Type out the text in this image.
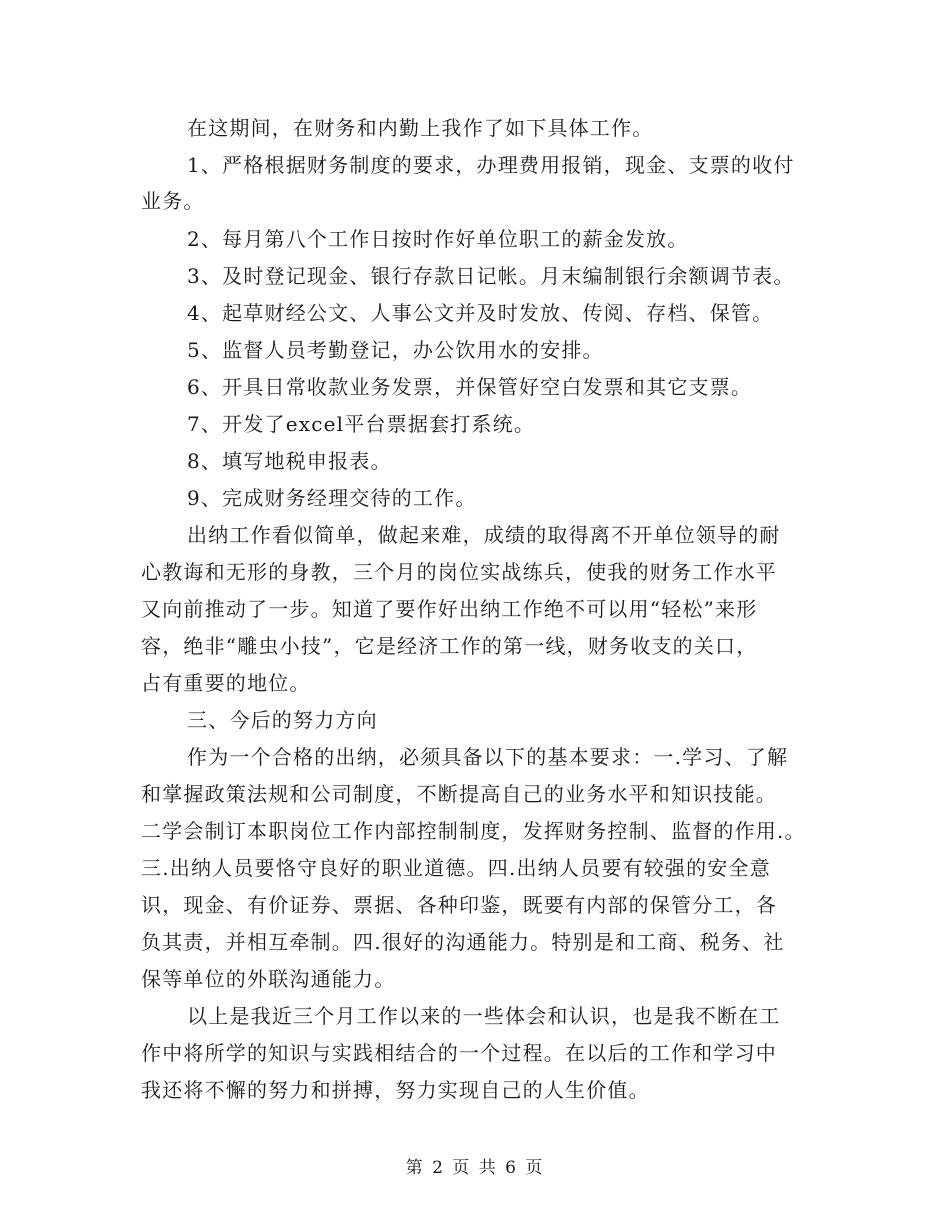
在这期间，在财务和内勤上我作了如下具体工作。
1、严格根据财务制度的要求，办理费用报销，现金、支票的收付
业务。
2、每月第八个工作日按时作好单位职工的薪金发放。
3、及时登记现金、银行存款日记帐。月末编制银行余额调节表。
4、起草财经公文、人事公文并及时发放、传阅、存档、保管。
5、监督人员考勤登记，办公饮用水的安排。
6、开具日常收款业务发票，并保管好空白发票和其它支票。
7、开发了excel平台票据套打系统。
8、填写地税申报表。
9、完成财务经理交待的工作。
出纳工作看似简单，做起来难，成绩的取得离不开单位领导的耐
心教诲和无形的身教，三个月的岗位实战练兵，使我的财务工作水平
又向前推动了一步。知道了要作好出纳工作绝不可以用“轻松”来形
容，绝非“雕虫小技”，它是经济工作的第一线，财务收支的关口，
占有重要的地位。
三、今后的努力方向
作为一个合格的出纳，必须具备以下的基本要求：一.学习、了解
和掌握政策法规和公司制度，不断提高自己的业务水平和知识技能。
二学会制订本职岗位工作内部控制制度，发挥财务控制、监督的作用.。
三.出纳人员要恪守良好的职业道德。四.出纳人员要有较强的安全意
识，现金、有价证券、票据、各种印鉴，既要有内部的保管分工，各
负其责，并相互牵制。四.很好的沟通能力。特别是和工商、税务、社
保等单位的外联沟通能力。
以上是我近三个月工作以来的一些体会和认识，也是我不断在工
作中将所学的知识与实践相结合的一个过程。在以后的工作和学习中
我还将不懈的努力和拼搏，努力实现自己的人生价值。
第 2 页 共 6 页
